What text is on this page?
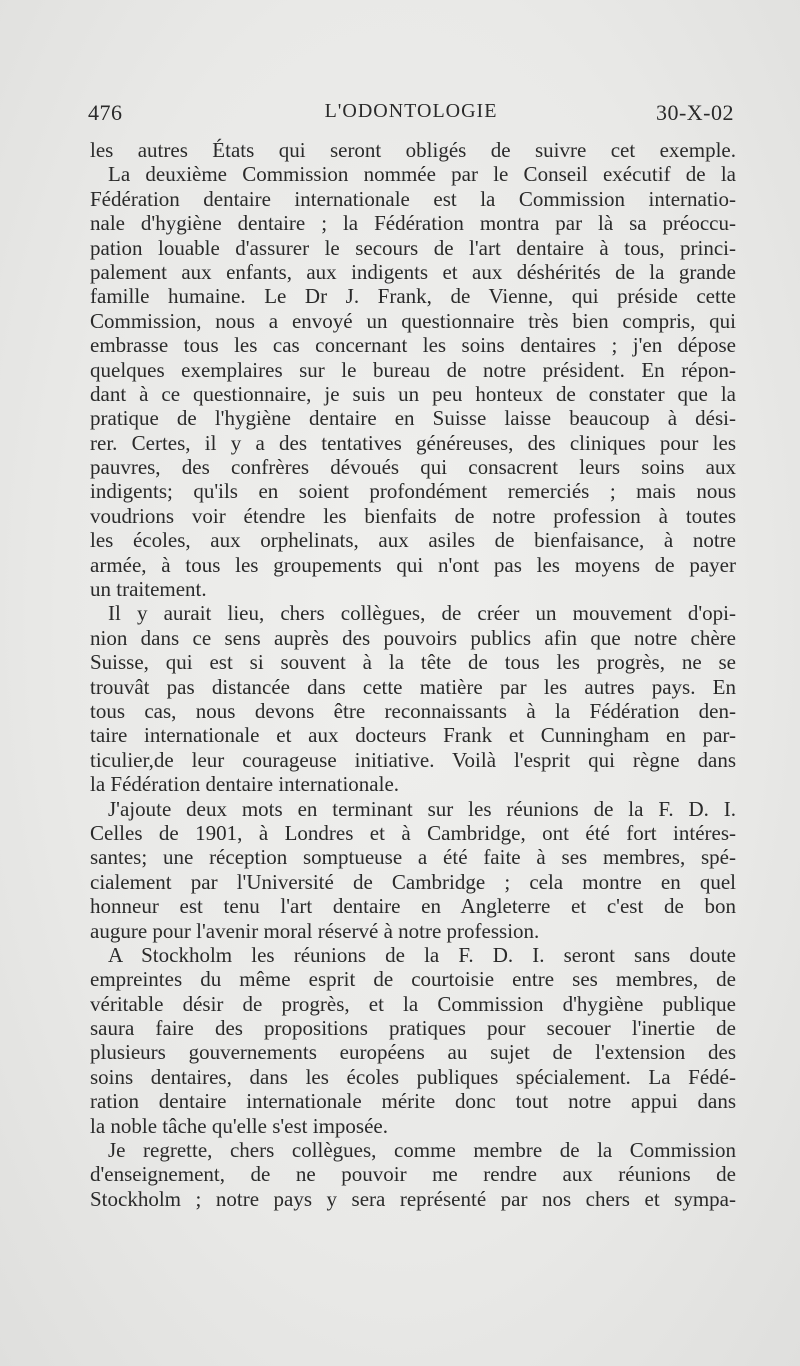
476	L'ODONTOLOGIE	30-X-02
les autres États qui seront obligés de suivre cet exemple.
La deuxième Commission nommée par le Conseil exécutif de la
Fédération dentaire internationale est la Commission internatio-
nale d'hygiène dentaire ; la Fédération montra par là sa préoccu-
pation louable d'assurer le secours de l'art dentaire à tous, princi-
palement aux enfants, aux indigents et aux déshérités de la grande
famille humaine. Le Dr J. Frank, de Vienne, qui préside cette
Commission, nous a envoyé un questionnaire très bien compris, qui
embrasse tous les cas concernant les soins dentaires ; j'en dépose
quelques exemplaires sur le bureau de notre président. En répon-
dant à ce questionnaire, je suis un peu honteux de constater que la
pratique de l'hygiène dentaire en Suisse laisse beaucoup à dési-
rer. Certes, il y a des tentatives généreuses, des cliniques pour les
pauvres, des confrères dévoués qui consacrent leurs soins aux
indigents; qu'ils en soient profondément remerciés ; mais nous
voudrions voir étendre les bienfaits de notre profession à toutes
les écoles, aux orphelinats, aux asiles de bienfaisance, à notre
armée, à tous les groupements qui n'ont pas les moyens de payer
un traitement.
Il y aurait lieu, chers collègues, de créer un mouvement d'opi-
nion dans ce sens auprès des pouvoirs publics afin que notre chère
Suisse, qui est si souvent à la tête de tous les progrès, ne se
trouvât pas distancée dans cette matière par les autres pays. En
tous cas, nous devons être reconnaissants à la Fédération den-
taire internationale et aux docteurs Frank et Cunningham en par-
ticulier,de leur courageuse initiative. Voilà l'esprit qui règne dans
la Fédération dentaire internationale.
J'ajoute deux mots en terminant sur les réunions de la F. D. I.
Celles de 1901, à Londres et à Cambridge, ont été fort intéres-
santes; une réception somptueuse a été faite à ses membres, spé-
cialement par l'Université de Cambridge ; cela montre en quel
honneur est tenu l'art dentaire en Angleterre et c'est de bon
augure pour l'avenir moral réservé à notre profession.
A Stockholm les réunions de la F. D. I. seront sans doute
empreintes du même esprit de courtoisie entre ses membres, de
véritable désir de progrès, et la Commission d'hygiène publique
saura faire des propositions pratiques pour secouer l'inertie de
plusieurs gouvernements européens au sujet de l'extension des
soins dentaires, dans les écoles publiques spécialement. La Fédé-
ration dentaire internationale mérite donc tout notre appui dans
la noble tâche qu'elle s'est imposée.
Je regrette, chers collègues, comme membre de la Commission
d'enseignement, de ne pouvoir me rendre aux réunions de
Stockholm ; notre pays y sera représenté par nos chers et sympa-
